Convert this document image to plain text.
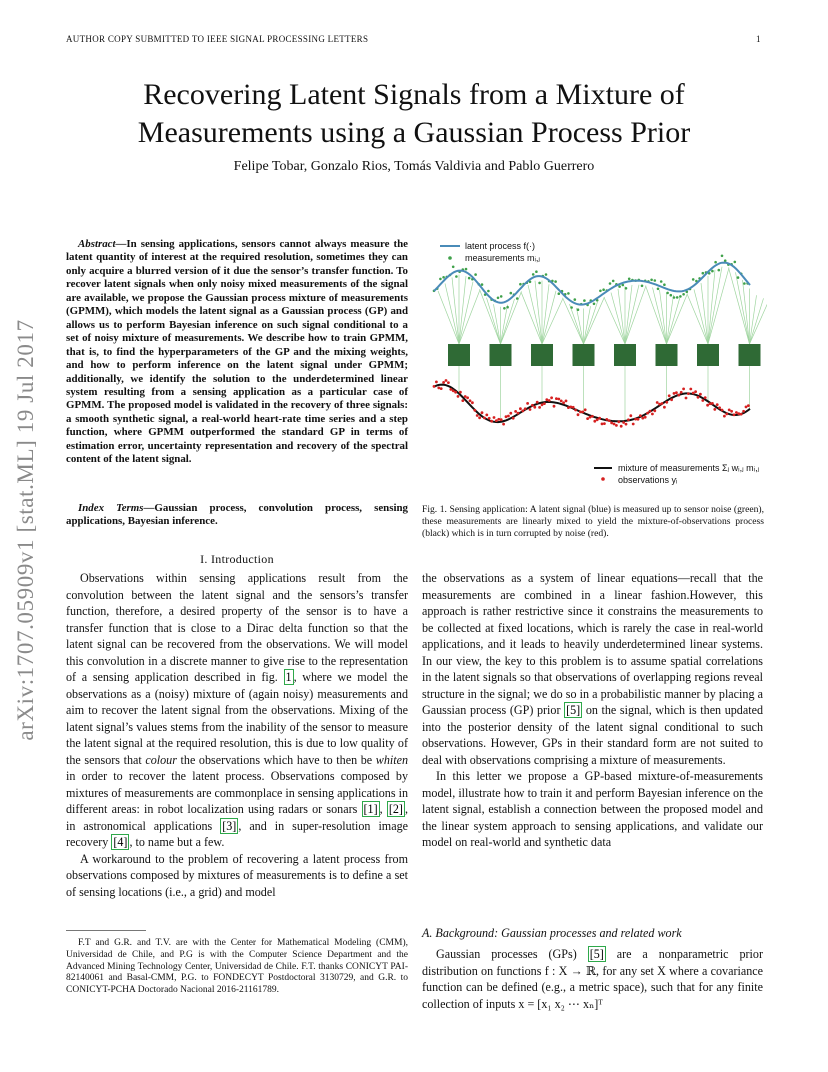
AUTHOR COPY SUBMITTED TO IEEE SIGNAL PROCESSING LETTERS	1
Recovering Latent Signals from a Mixture of
Measurements using a Gaussian Process Prior
Felipe Tobar, Gonzalo Rios, Tomás Valdivia and Pablo Guerrero
arXiv:1707.05909v1 [stat.ML] 19 Jul 2017
Abstract—In sensing applications, sensors cannot always measure the latent quantity of interest at the required resolution, sometimes they can only acquire a blurred version of it due the sensor’s transfer function. To recover latent signals when only noisy mixed measurements of the signal are available, we propose the Gaussian process mixture of measurements (GPMM), which models the latent signal as a Gaussian process (GP) and allows us to perform Bayesian inference on such signal conditional to a set of noisy mixture of measurements. We describe how to train GPMM, that is, to find the hyperparameters of the GP and the mixing weights, and how to perform inference on the latent signal under GPMM; additionally, we identify the solution to the underdetermined linear system resulting from a sensing application as a particular case of GPMM. The proposed model is validated in the recovery of three signals: a smooth synthetic signal, a real-world heart-rate time series and a step function, where GPMM outperformed the standard GP in terms of estimation error, uncertainty representation and recovery of the spectral content of the latent signal.
Index Terms—Gaussian process, convolution process, sensing applications, Bayesian inference.
I. Introduction

Observations within sensing applications result from the convolution between the latent signal and the sensors’s transfer function, therefore, a desired property of the sensor is to have a transfer function that is close to a Dirac delta function so that the latent signal can be recovered from the observations. We will model this convolution in a discrete manner to give rise to the representation of a sensing application described in fig. 1 , where we model the observations as a (noisy) mixture of (again noisy) measurements and aim to recover the latent signal from the observations. Mixing of the latent signal’s values stems from the inability of the sensor to measure the latent signal at the required resolution, this is due to low quality of the sensors that colour the observations which have to then be whiten in order to recover the latent process. Observations composed by mixtures of measurements are commonplace in sensing applications in different areas: in robot localization using radars or sonars [1] , [2] , in astronomical applications [3] , and in super-resolution image recovery [4] , to name but a few.

A workaround to the problem of recovering a latent process from observations composed by mixtures of measurements is to define a set of sensing locations (i.e., a grid) and model

F.T and G.R. and T.V. are with the Center for Mathematical Modeling (CMM), Universidad de Chile, and P.G is with the Computer Science Department and the Advanced Mining Technology Center, Universidad de Chile. F.T. thanks CONICYT PAI-82140061 and Basal-CMM, P.G. to FONDECYT Postdoctoral 3130729, and G.R. to CONICYT-PCHA Doctorado Nacional 2016-21161789.
latent process f(·)
measurements mᵢ,ⱼ
mixture of measurements Σⱼ wᵢ,ⱼ mᵢ,ⱼ
observations yᵢ
Fig. 1. Sensing application: A latent signal (blue) is measured up to sensor noise (green), these measurements are linearly mixed to yield the mixture-of-observations process (black) which is in turn corrupted by noise (red).

the observations as a system of linear equations—recall that the measurements are combined in a linear fashion.However, this approach is rather restrictive since it constrains the measurements to be collected at fixed locations, which is rarely the case in real-world applications, and it leads to heavily underdetermined linear systems. In our view, the key to this problem is to assume spatial correlations in the latent signals so that observations of overlapping regions reveal structure in the signal; we do so in a probabilistic manner by placing a Gaussian process (GP) prior [5] on the signal, which is then updated into the posterior density of the latent signal conditional to such observations. However, GPs in their standard form are not suited to deal with observations comprising a mixture of measurements.

In this letter we propose a GP-based mixture-of-measurements model, illustrate how to train it and perform Bayesian inference on the latent signal, establish a connection between the proposed model and the linear system approach to sensing applications, and validate our model on real-world and synthetic data

A. Background: Gaussian processes and related work

Gaussian processes (GPs) [5] are a nonparametric prior distribution on functions f : X → ℝ, for any set X where a covariance function can be defined (e.g., a metric space), such that for any finite collection of inputs x = [x₁ x₂ ⋯ xₙ]ᵀ
